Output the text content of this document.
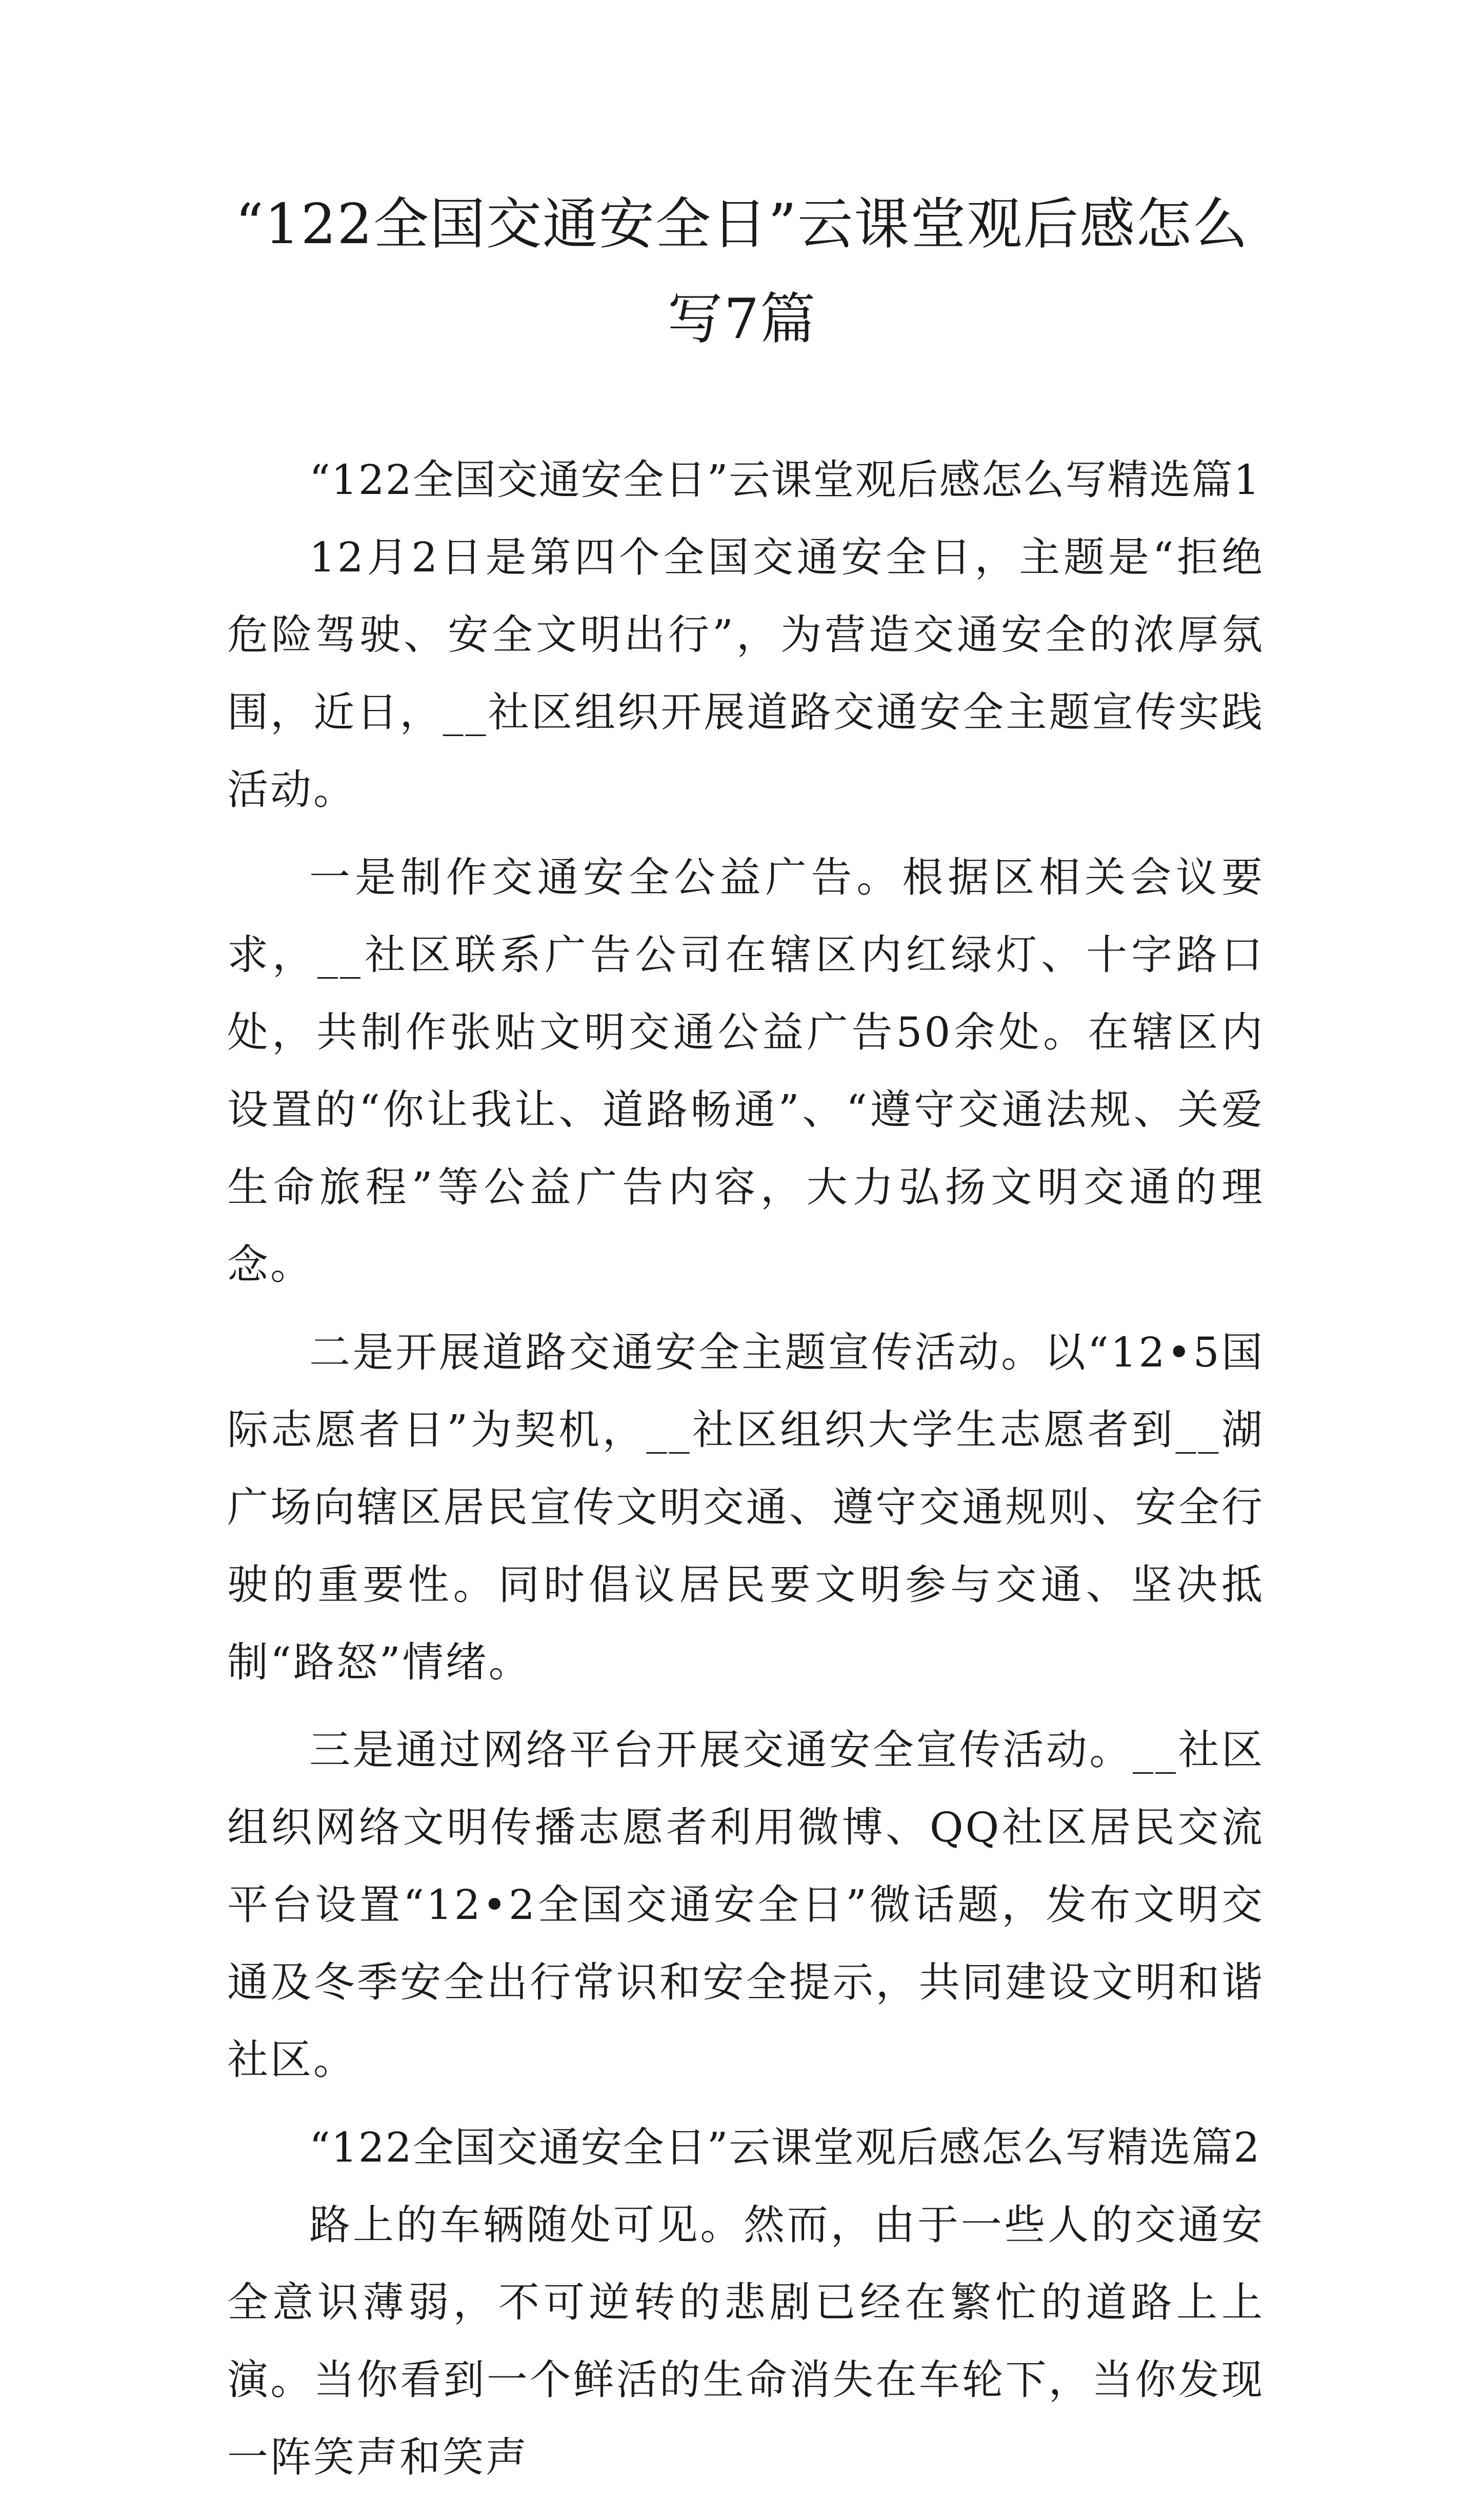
“122全国交通安全日”云课堂观后感怎么
写7篇

“122全国交通安全日”云课堂观后感怎么写精选篇1

12月2日是第四个全国交通安全日，主题是“拒绝危险驾驶、安全文明出行”，为营造交通安全的浓厚氛围，近日，__社区组织开展道路交通安全主题宣传实践活动。

一是制作交通安全公益广告。根据区相关会议要求，__社区联系广告公司在辖区内红绿灯、十字路口处，共制作张贴文明交通公益广告50余处。在辖区内设置的“你让我让、道路畅通”、“遵守交通法规、关爱生命旅程”等公益广告内容，大力弘扬文明交通的理念。

二是开展道路交通安全主题宣传活动。以“12•5国际志愿者日”为契机，__社区组织大学生志愿者到__湖广场向辖区居民宣传文明交通、遵守交通规则、安全行驶的重要性。同时倡议居民要文明参与交通、坚决抵制“路怒”情绪。

三是通过网络平台开展交通安全宣传活动。__社区组织网络文明传播志愿者利用微博、QQ社区居民交流平台设置“12•2全国交通安全日”微话题，发布文明交通及冬季安全出行常识和安全提示，共同建设文明和谐社区。

“122全国交通安全日”云课堂观后感怎么写精选篇2

路上的车辆随处可见。然而，由于一些人的交通安全意识薄弱，不可逆转的悲剧已经在繁忙的道路上上演。当你看到一个鲜活的生命消失在车轮下，当你发现一阵笑声和笑声
